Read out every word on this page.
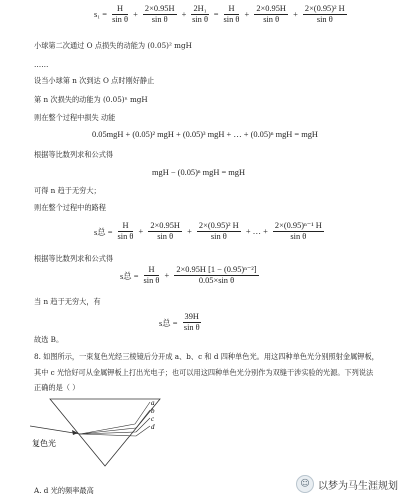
$s_1 = \frac{H}{\text{sin θ}} + \frac{2\times 0.95H}{\text{sin θ}} + \frac{\text{2H₁}}{\text{sin θ}} = \frac{H}{\text{sin θ}} + \frac{2\times 0.95H}{\text{sin θ}} + \frac{\text{2×(0.95)² H}}{\text{sin θ}}$
小球第二次通过 O 点损失的动能为 (0.05)² mgH
……
设当小球第 n 次到达 O 点时刚好静止
第 n 次损失的动能为 (0.05)ⁿ mgH
则在整个过程中损失 动能
0.05mgH + (0.05)² mgH + (0.05)³ mgH + … + (0.05)ⁿ mgH = mgH
根据等比数列求和公式得
mgH − (0.05)ⁿ mgH = mgH
可得 n 趋于无穷大；
则在整个过程中的路程
s总 = $\frac{H}{\text{sin θ}} + \frac{2\times 0.95H}{\text{sin θ}} + \frac{\text{2×(0.95)² H}}{\text{sin θ}}$ + … + $\frac{\text{2×(0.95)ⁿ⁻¹ H}}{\text{sin θ}}$
根据等比数列求和公式得
s总 = $\frac{H}{\text{sin θ}} + \frac{\text{2×0.95H [1 − (0.95)ⁿ⁻²]}}{\text{0.05×sin θ}}$
当 n 趋于无穷大，有
s总 = $\frac{39H}{\text{sin θ}}$
故选 B。
8. 如图所示，一束复色光经三棱镜后分开成 a、b、c 和 d 四种单色光。用这四种单色光分别照射金属钾板，
其中 c 光恰好可从金属钾板上打出光电子；也可以用这四种单色光分别作为双缝干涉实验的光源。下列说法
正确的是（ ）
a
b
c
d
复色光
A. d 光的频率最高
☺ 以梦为马生涯规划
